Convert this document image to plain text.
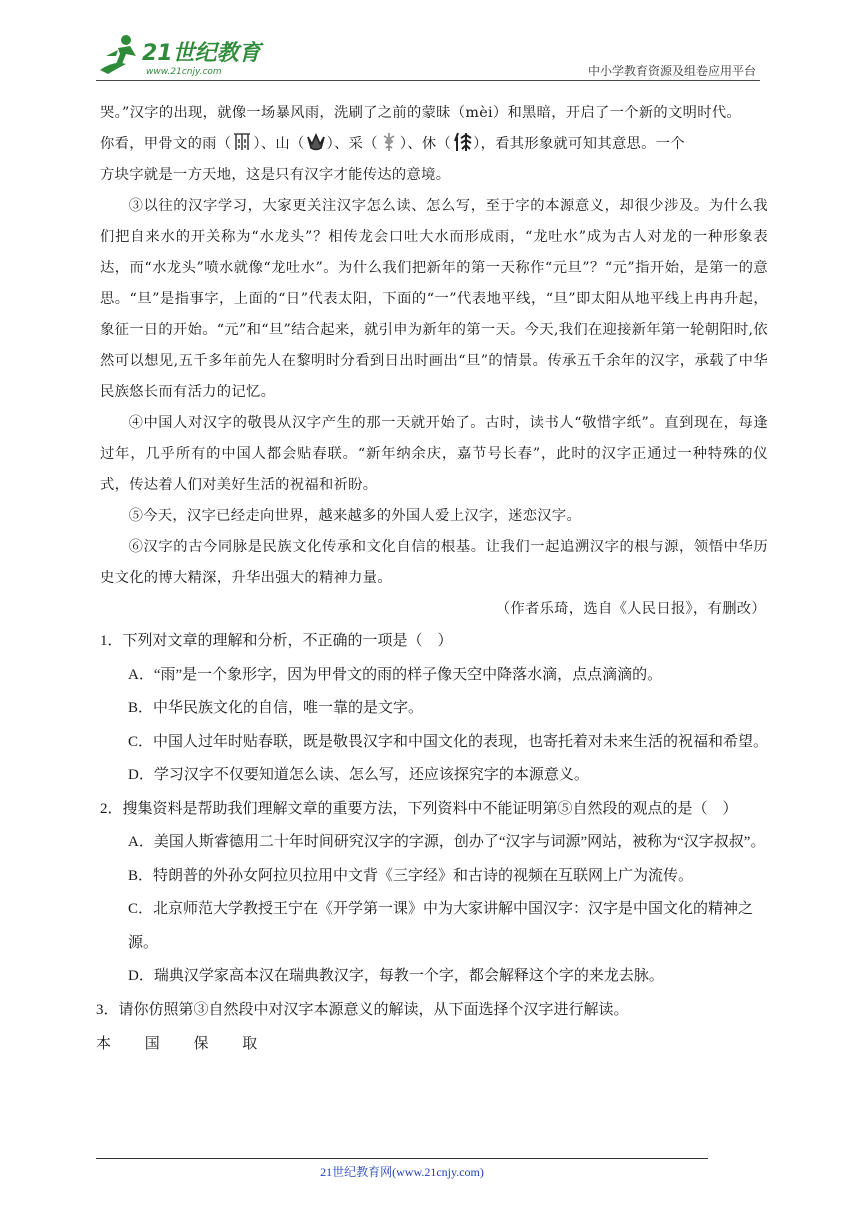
21世纪教育
www.21cnjy.com	中小学教育资源及组卷应用平台

哭。”汉字的出现，就像一场暴风雨，洗刷了之前的蒙昧（mèi）和黑暗，开启了一个新的文明时代。

你看，甲骨文的雨（ ）、山（ ）、采（ ）、休（ ），看其形象就可知其意思。一个

方块字就是一方天地，这是只有汉字才能传达的意境。

③以往的汉字学习，大家更关注汉字怎么读、怎么写，至于字的本源意义，却很少涉及。为什么我们把自来水的开关称为“水龙头”？相传龙会口吐大水而形成雨，“龙吐水”成为古人对龙的一种形象表达，而“水龙头”喷水就像“龙吐水”。为什么我们把新年的第一天称作“元旦”？“元”指开始，是第一的意思。“旦”是指事字，上面的“日”代表太阳，下面的“一”代表地平线，“旦”即太阳从地平线上冉冉升起，象征一日的开始。“元”和“旦”结合起来，就引申为新年的第一天。今天,我们在迎接新年第一轮朝阳时,依然可以想见,五千多年前先人在黎明时分看到日出时画出“旦”的情景。传承五千余年的汉字，承载了中华民族悠长而有活力的记忆。

④中国人对汉字的敬畏从汉字产生的那一天就开始了。古时，读书人“敬惜字纸”。直到现在，每逢过年，几乎所有的中国人都会贴春联。“新年纳余庆，嘉节号长春”，此时的汉字正通过一种特殊的仪式，传达着人们对美好生活的祝福和祈盼。

⑤今天，汉字已经走向世界，越来越多的外国人爱上汉字，迷恋汉字。

⑥汉字的古今同脉是民族文化传承和文化自信的根基。让我们一起追溯汉字的根与源，领悟中华历史文化的博大精深，升华出强大的精神力量。

（作者乐琦，选自《人民日报》，有删改）

1．下列对文章的理解和分析，不正确的一项是（　）

A．“雨”是一个象形字，因为甲骨文的雨的样子像天空中降落水滴，点点滴滴的。

B．中华民族文化的自信，唯一靠的是文字。

C．中国人过年时贴春联，既是敬畏汉字和中国文化的表现，也寄托着对未来生活的祝福和希望。

D．学习汉字不仅要知道怎么读、怎么写，还应该探究字的本源意义。

2．搜集资料是帮助我们理解文章的重要方法，下列资料中不能证明第⑤自然段的观点的是（　）

A．美国人斯睿德用二十年时间研究汉字的字源，创办了“汉字与词源”网站，被称为“汉字叔叔”。

B．特朗普的外孙女阿拉贝拉用中文背《三字经》和古诗的视频在互联网上广为流传。

C．北京师范大学教授王宁在《开学第一课》中为大家讲解中国汉字：汉字是中国文化的精神之

源。

D．瑞典汉学家高本汉在瑞典教汉字，每教一个字，都会解释这个字的来龙去脉。

3．请你仿照第③自然段中对汉字本源意义的解读，从下面选择个汉字进行解读。

本 国 保 取
21世纪教育网(www.21cnjy.com)
